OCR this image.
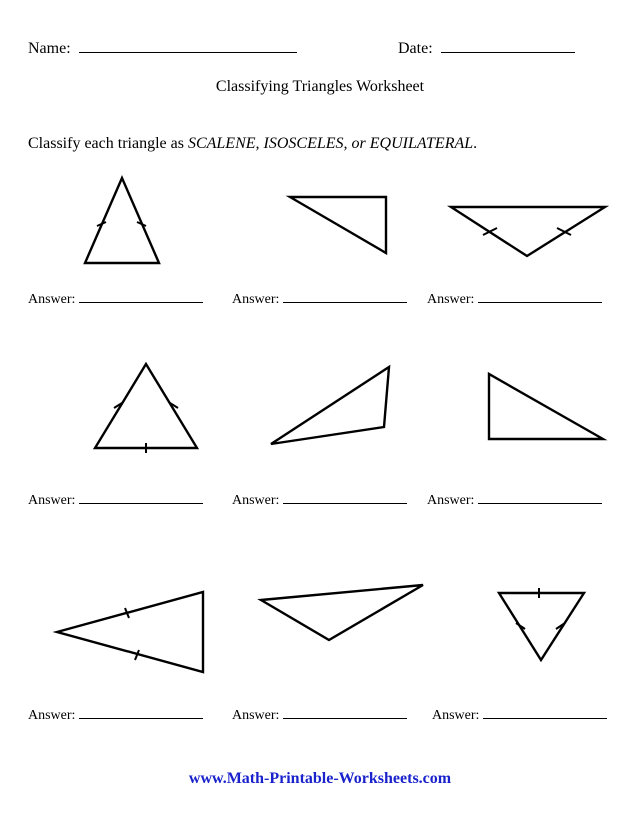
Name:	Date:
Classifying Triangles Worksheet
Classify each triangle as SCALENE, ISOSCELES, or EQUILATERAL.
Answer:	Answer:	Answer:
Answer:	Answer:	Answer:
Answer:	Answer:	Answer:
www.Math-Printable-Worksheets.com
